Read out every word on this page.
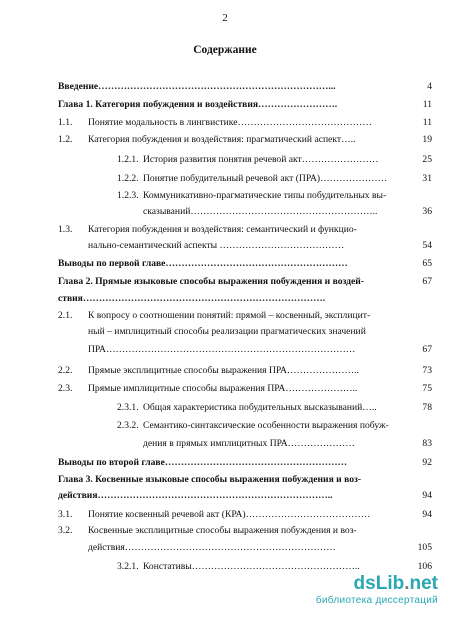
2
Содержание
Введение………………………………………………………………...	4
Глава 1. Категория побуждения и воздействия…………………….	11
1.1. Понятие модальность в лингвистике……………………………………	11
1.2. Категория побуждения и воздействия: прагматический аспект…..	19
1.2.1. История развития понятия речевой акт……………………	25
1.2.2. Понятие побудительный речевой акт (ПРА)…………………	31
1.2.3. Коммуникативно-прагматические типы побудительных вы-
сказываний…………………………………………………..	36
1.3. Категория побуждения и воздействия: семантический и функцио-
нально-семантический аспекты …………………………………	54
Выводы по первой главе…………………………………………………	65
Глава 2. Прямые языковые способы выражения побуждения и воздей-	67
ствия………………………………………………………………….
2.1. К вопросу о соотношении понятий: прямой – косвенный, эксплицит-
ный – имплицитный способы реализации прагматических значений
ПРА……………………………………………………………………	67
2.2. Прямые эксплицитные способы выражения ПРА…………………..	73
2.3. Прямые имплицитные способы выражения ПРА…………………..	75
2.3.1. Общая характеристика побудительных высказываний…..	78
2.3.2. Семантико-синтаксические особенности выражения побуж-
дения в прямых имплицитных ПРА…………………	83
Выводы по второй главе…………………………………………………	92
Глава 3. Косвенные языковые способы выражения побуждения и воз-
действия………………………………………………………………..	94
3.1. Понятие косвенный речевой акт (КРА)…………………………………	94
3.2. Косвенные эксплицитные способы выражения побуждения и воз-
действия…………………………………………………………	105
3.2.1. Констативы……………………………………………..	106
dsLib.net
библиотека диссертаций
